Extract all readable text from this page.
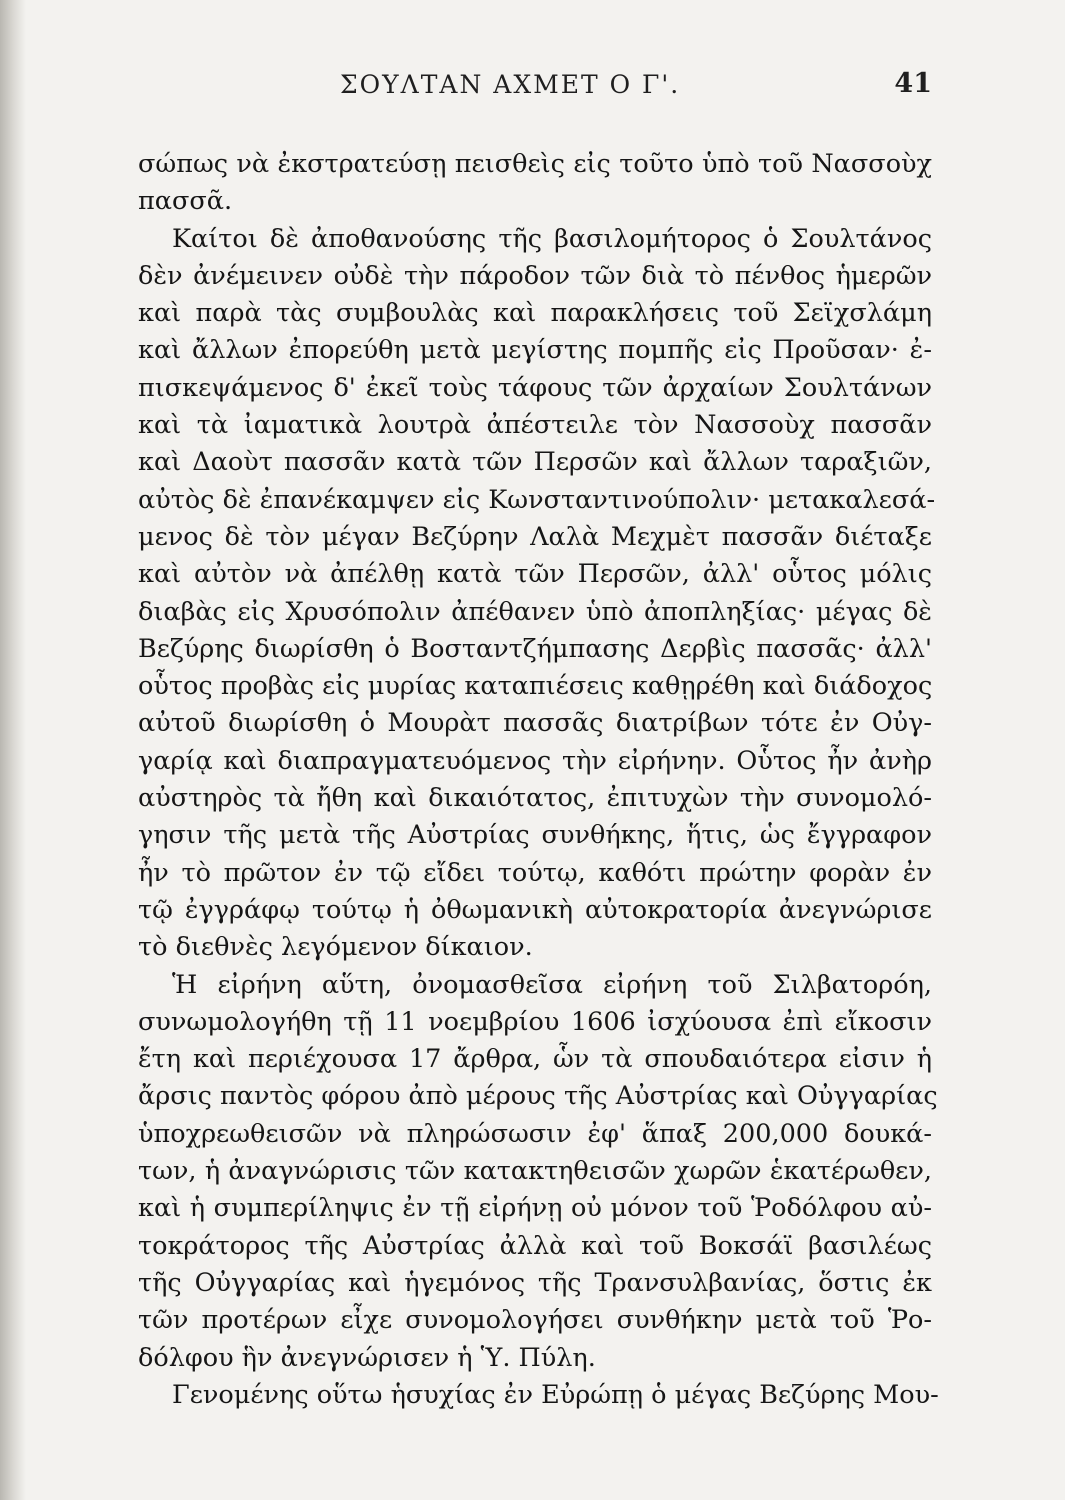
ΣΟΥΛΤΑΝ ΑΧΜΕΤ Ο Γ'.	41
σώπως νὰ ἐκστρατεύσῃ πεισθεὶς εἰς τοῦτο ὑπὸ τοῦ Νασσοὺχ
πασσᾶ.
Καίτοι δὲ ἀποθανούσης τῆς βασιλομήτορος ὁ Σουλτάνος
δὲν ἀνέμεινεν οὐδὲ τὴν πάροδον τῶν διὰ τὸ πένθος ἡμερῶν
καὶ παρὰ τὰς συμβουλὰς καὶ παρακλήσεις τοῦ Σεϊχσλάμη
καὶ ἄλλων ἐπορεύθη μετὰ μεγίστης πομπῆς εἰς Προῦσαν· ἐ-
πισκεψάμενος δ' ἐκεῖ τοὺς τάφους τῶν ἀρχαίων Σουλτάνων
καὶ τὰ ἰαματικὰ λουτρὰ ἀπέστειλε τὸν Νασσοὺχ πασσᾶν
καὶ Δαοὺτ πασσᾶν κατὰ τῶν Περσῶν καὶ ἄλλων ταραξιῶν,
αὐτὸς δὲ ἐπανέκαμψεν εἰς Κωνσταντινούπολιν· μετακαλεσά-
μενος δὲ τὸν μέγαν Βεζύρην Λαλὰ Μεχμὲτ πασσᾶν διέταξε
καὶ αὐτὸν νὰ ἀπέλθῃ κατὰ τῶν Περσῶν, ἀλλ' οὗτος μόλις
διαβὰς εἰς Χρυσόπολιν ἀπέθανεν ὑπὸ ἀποπληξίας· μέγας δὲ
Βεζύρης διωρίσθη ὁ Βοσταντζήμπασης Δερβὶς πασσᾶς· ἀλλ'
οὗτος προβὰς εἰς μυρίας καταπιέσεις καθῃρέθη καὶ διάδοχος
αὐτοῦ διωρίσθη ὁ Μουρὰτ πασσᾶς διατρίβων τότε ἐν Οὐγ-
γαρίᾳ καὶ διαπραγματευόμενος τὴν εἰρήνην. Οὗτος ἦν ἀνὴρ
αὐστηρὸς τὰ ἤθη καὶ δικαιότατος, ἐπιτυχὼν τὴν συνομολό-
γησιν τῆς μετὰ τῆς Αὐστρίας συνθήκης, ἥτις, ὡς ἔγγραφον
ἦν τὸ πρῶτον ἐν τῷ εἴδει τούτῳ, καθότι πρώτην φορὰν ἐν
τῷ ἐγγράφῳ τούτῳ ἡ ὀθωμανικὴ αὐτοκρατορία ἀνεγνώρισε
τὸ διεθνὲς λεγόμενον δίκαιον.
Ἡ εἰρήνη αὕτη, ὀνομασθεῖσα εἰρήνη τοῦ Σιλβατορόη,
συνωμολογήθη τῇ 11 νοεμβρίου 1606 ἰσχύουσα ἐπὶ εἴκοσιν
ἔτη καὶ περιέχουσα 17 ἄρθρα, ὧν τὰ σπουδαιότερα εἰσιν ἡ
ἄρσις παντὸς φόρου ἀπὸ μέρους τῆς Αὐστρίας καὶ Οὐγγαρίας
ὑποχρεωθεισῶν νὰ πληρώσωσιν ἐφ' ἅπαξ 200,000 δουκά-
των, ἡ ἀναγνώρισις τῶν κατακτηθεισῶν χωρῶν ἑκατέρωθεν,
καὶ ἡ συμπερίληψις ἐν τῇ εἰρήνῃ οὐ μόνον τοῦ Ῥοδόλφου αὐ-
τοκράτορος τῆς Αὐστρίας ἀλλὰ καὶ τοῦ Βοκσάϊ βασιλέως
τῆς Οὐγγαρίας καὶ ἡγεμόνος τῆς Τρανσυλβανίας, ὅστις ἐκ
τῶν προτέρων εἶχε συνομολογήσει συνθήκην μετὰ τοῦ Ῥο-
δόλφου ἣν ἀνεγνώρισεν ἡ Ὑ. Πύλη.
Γενομένης οὕτω ἡσυχίας ἐν Εὐρώπῃ ὁ μέγας Βεζύρης Μου-
